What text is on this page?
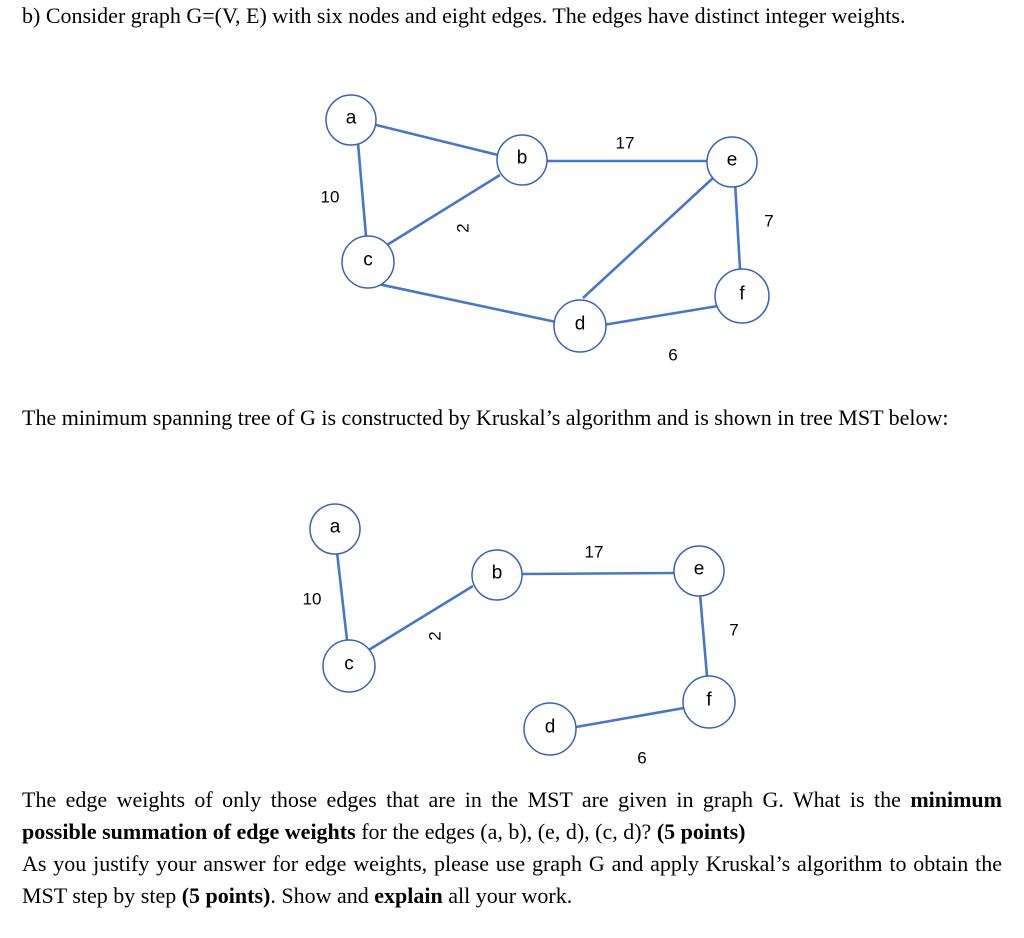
b) Consider graph G=(V, E) with six nodes and eight edges. The edges have distinct integer weights.

a
b
c
d
e
f
10
2
17
7
6

The minimum spanning tree of G is constructed by Kruskal’s algorithm and is shown in tree MST below:

a
b
c
d
e
f
10
2
17
7
6

The edge weights of only those edges that are in the MST are given in graph G. What is the minimum possible summation of edge weights for the edges (a, b), (e, d), (c, d)? (5 points)
As you justify your answer for edge weights, please use graph G and apply Kruskal’s algorithm to obtain the MST step by step (5 points). Show and explain all your work.
